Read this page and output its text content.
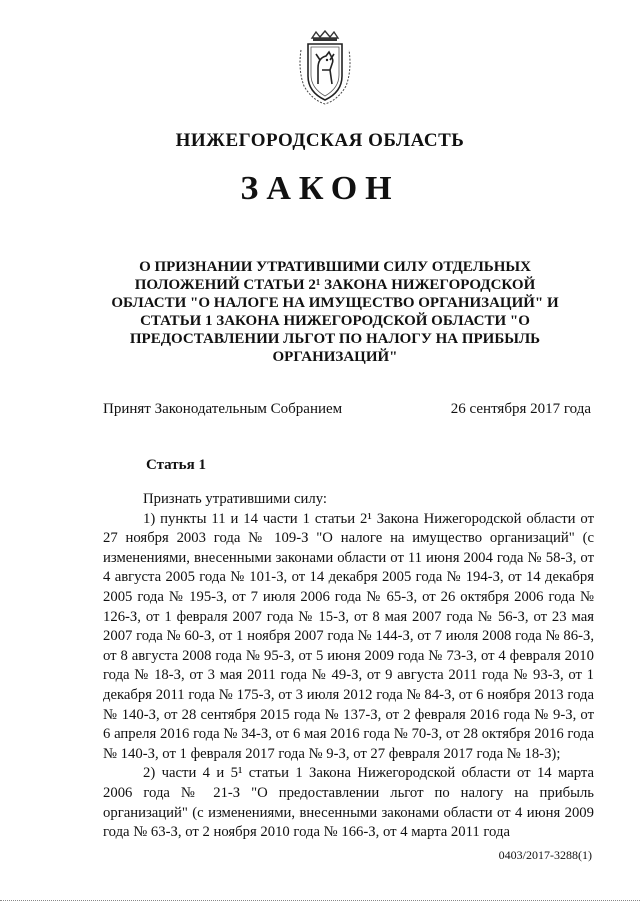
НИЖЕГОРОДСКАЯ ОБЛАСТЬ
ЗАКОН
О ПРИЗНАНИИ УТРАТИВШИМИ СИЛУ ОТДЕЛЬНЫХ ПОЛОЖЕНИЙ СТАТЬИ 2¹ ЗАКОНА НИЖЕГОРОДСКОЙ ОБЛАСТИ "О НАЛОГЕ НА ИМУЩЕСТВО ОРГАНИЗАЦИЙ" И СТАТЬИ 1 ЗАКОНА НИЖЕГОРОДСКОЙ ОБЛАСТИ "О ПРЕДОСТАВЛЕНИИ ЛЬГОТ ПО НАЛОГУ НА ПРИБЫЛЬ ОРГАНИЗАЦИЙ"
Принят Законодательным Собранием	26 сентября 2017 года
Статья 1

Признать утратившими силу:

1) пункты 11 и 14 части 1 статьи 2¹ Закона Нижегородской области от 27 ноября 2003 года № 109-З "О налоге на имущество организаций" (с изменениями, внесенными законами области от 11 июня 2004 года № 58-З, от 4 августа 2005 года № 101-З, от 14 декабря 2005 года № 194-З, от 14 декабря 2005 года № 195-З, от 7 июля 2006 года № 65-З, от 26 октября 2006 года № 126-З, от 1 февраля 2007 года № 15-З, от 8 мая 2007 года № 56-З, от 23 мая 2007 года № 60-З, от 1 ноября 2007 года № 144-З, от 7 июля 2008 года № 86-З, от 8 августа 2008 года № 95-З, от 5 июня 2009 года № 73-З, от 4 февраля 2010 года № 18-З, от 3 мая 2011 года № 49-З, от 9 августа 2011 года № 93-З, от 1 декабря 2011 года № 175-З, от 3 июля 2012 года № 84-З, от 6 ноября 2013 года № 140-З, от 28 сентября 2015 года № 137-З, от 2 февраля 2016 года № 9-З, от 6 апреля 2016 года № 34-З, от 6 мая 2016 года № 70-З, от 28 октября 2016 года № 140-З, от 1 февраля 2017 года № 9-З, от 27 февраля 2017 года № 18-З);

2) части 4 и 5¹ статьи 1 Закона Нижегородской области от 14 марта 2006 года № 21-З "О предоставлении льгот по налогу на прибыль организаций" (с изменениями, внесенными законами области от 4 июня 2009 года № 63-З, от 2 ноября 2010 года № 166-З, от 4 марта 2011 года

0403/2017-3288(1)
